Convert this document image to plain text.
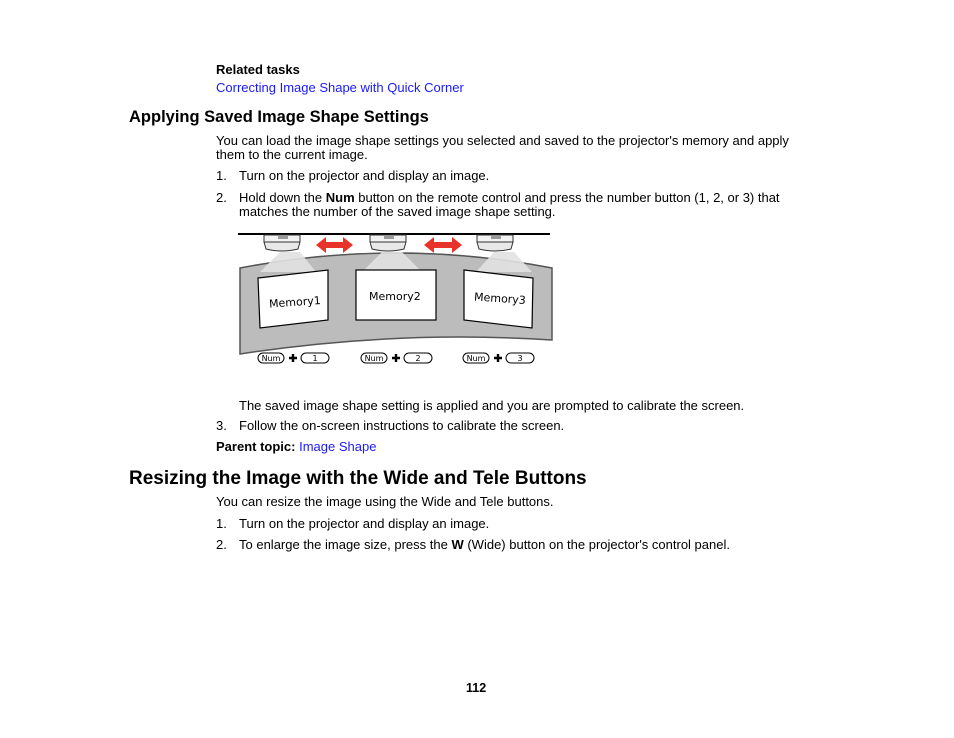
Related tasks
Correcting Image Shape with Quick Corner
Applying Saved Image Shape Settings
You can load the image shape settings you selected and saved to the projector's memory and apply
them to the current image.
1. Turn on the projector and display an image.
2. Hold down the Num button on the remote control and press the number button (1, 2, or 3) that
matches the number of the saved image shape setting.
Memory1	Memory2	Memory3
Num	1	Num	2	Num	3
The saved image shape setting is applied and you are prompted to calibrate the screen.
3. Follow the on-screen instructions to calibrate the screen.
Parent topic: Image Shape
Resizing the Image with the Wide and Tele Buttons
You can resize the image using the Wide and Tele buttons.
1. Turn on the projector and display an image.
2. To enlarge the image size, press the W (Wide) button on the projector's control panel.
112
